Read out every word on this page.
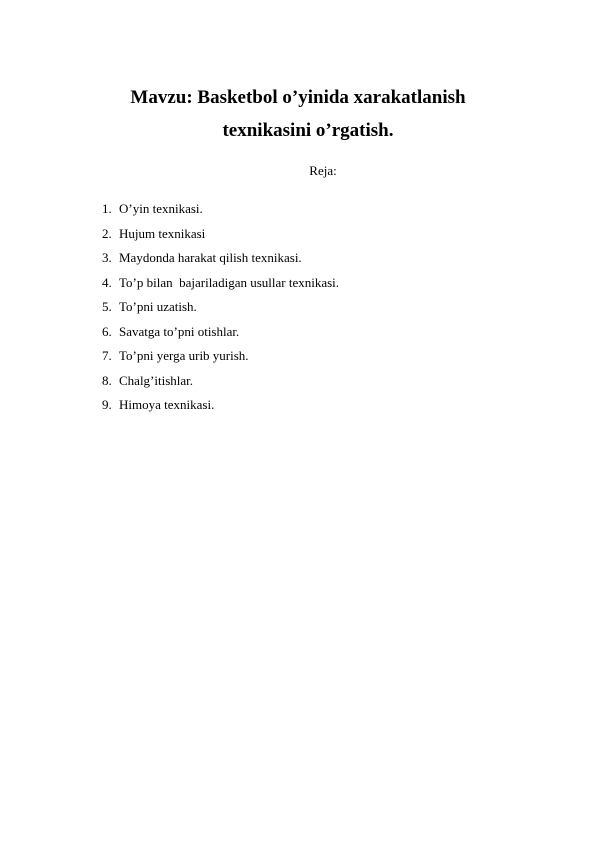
Mavzu: Basketbol o’yinida xarakatlanish
texnikasini o’rgatish.
Reja:
1. O’yin texnikasi.
2. Hujum texnikasi
3. Maydonda harakat qilish texnikasi.
4. To’p bilan  bajariladigan usullar texnikasi.
5. To’pni uzatish.
6. Savatga to’pni otishlar.
7. To’pni yerga urib yurish.
8. Chalg’itishlar.
9. Himoya texnikasi.
